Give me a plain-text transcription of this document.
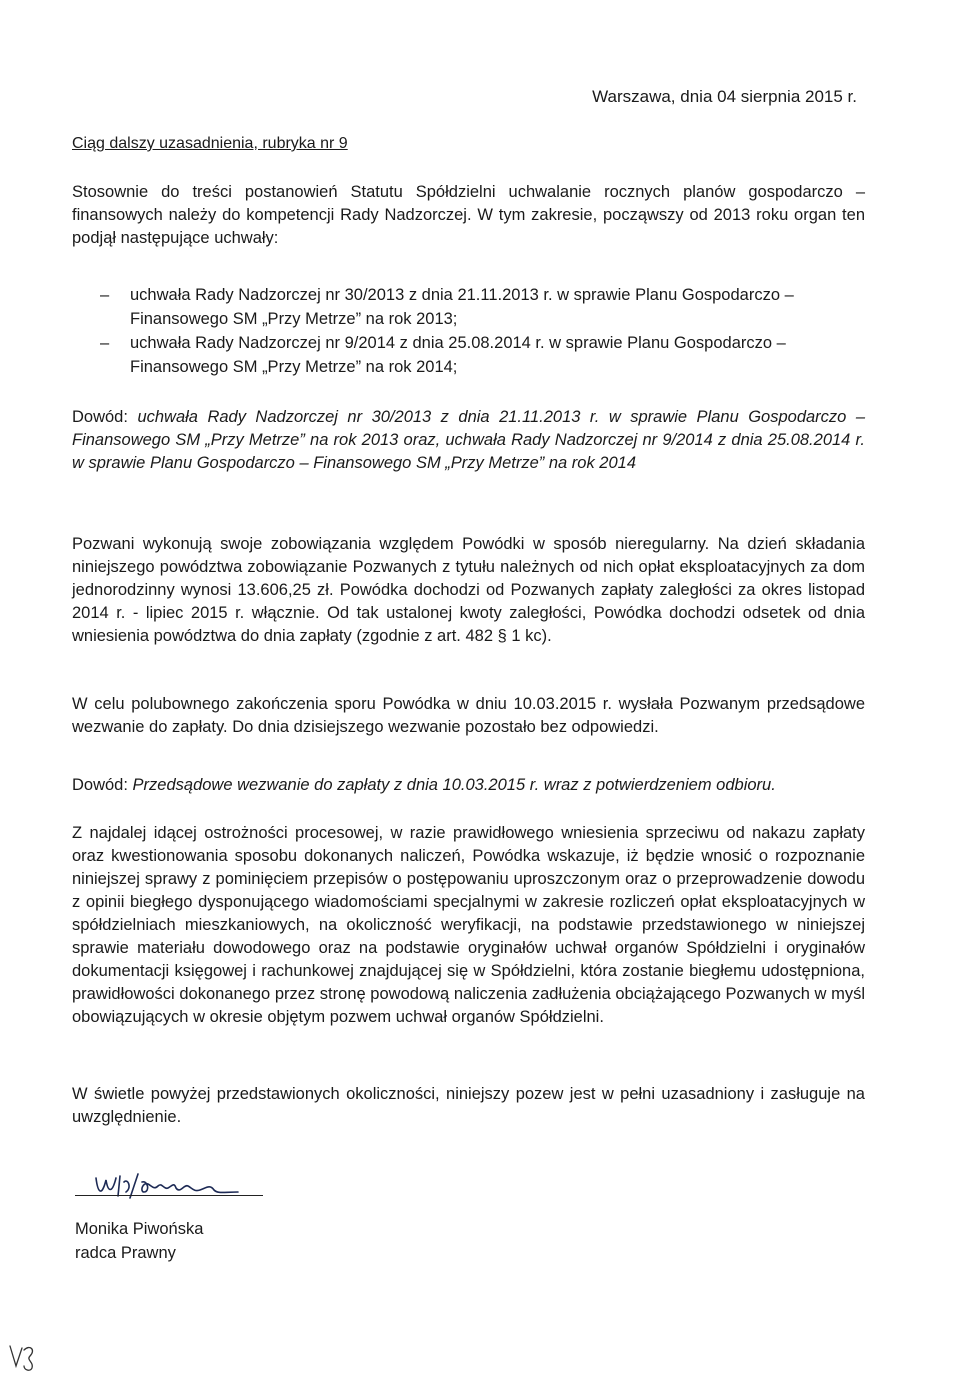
Warszawa, dnia 04 sierpnia 2015 r.
Ciąg dalszy uzasadnienia, rubryka nr 9
Stosownie do treści postanowień Statutu Spółdzielni uchwalanie rocznych planów gospodarczo – finansowych należy do kompetencji Rady Nadzorczej. W tym zakresie, począwszy od 2013 roku organ ten podjął następujące uchwały:
– uchwała Rady Nadzorczej nr 30/2013 z dnia 21.11.2013 r. w sprawie Planu Gospodarczo – Finansowego SM „Przy Metrze” na rok 2013;
– uchwała Rady Nadzorczej nr 9/2014 z dnia 25.08.2014 r. w sprawie Planu Gospodarczo – Finansowego SM „Przy Metrze” na rok 2014;
Dowód: uchwała Rady Nadzorczej nr 30/2013 z dnia 21.11.2013 r. w sprawie Planu Gospodarczo – Finansowego SM „Przy Metrze” na rok 2013 oraz, uchwała Rady Nadzorczej nr 9/2014 z dnia 25.08.2014 r. w sprawie Planu Gospodarczo – Finansowego SM „Przy Metrze” na rok 2014
Pozwani wykonują swoje zobowiązania względem Powódki w sposób nieregularny. Na dzień składania niniejszego powództwa zobowiązanie Pozwanych z tytułu należnych od nich opłat eksploatacyjnych za dom jednorodzinny wynosi 13.606,25 zł. Powódka dochodzi od Pozwanych zapłaty zaległości za okres listopad 2014 r. - lipiec 2015 r. włącznie. Od tak ustalonej kwoty zaległości, Powódka dochodzi odsetek od dnia wniesienia powództwa do dnia zapłaty (zgodnie z art. 482 § 1 kc).
W celu polubownego zakończenia sporu Powódka w dniu 10.03.2015 r. wysłała Pozwanym przedsądowe wezwanie do zapłaty. Do dnia dzisiejszego wezwanie pozostało bez odpowiedzi.
Dowód: Przedsądowe wezwanie do zapłaty z dnia 10.03.2015 r. wraz z potwierdzeniem odbioru.
Z najdalej idącej ostrożności procesowej, w razie prawidłowego wniesienia sprzeciwu od nakazu zapłaty oraz kwestionowania sposobu dokonanych naliczeń, Powódka wskazuje, iż będzie wnosić o rozpoznanie niniejszej sprawy z pominięciem przepisów o postępowaniu uproszczonym oraz o przeprowadzenie dowodu z opinii biegłego dysponującego wiadomościami specjalnymi w zakresie rozliczeń opłat eksploatacyjnych w spółdzielniach mieszkaniowych, na okoliczność weryfikacji, na podstawie przedstawionego w niniejszej sprawie materiału dowodowego oraz na podstawie oryginałów uchwał organów Spółdzielni i oryginałów dokumentacji księgowej i rachunkowej znajdującej się w Spółdzielni, która zostanie biegłemu udostępniona, prawidłowości dokonanego przez stronę powodową naliczenia zadłużenia obciążającego Pozwanych w myśl obowiązujących w okresie objętym pozwem uchwał organów Spółdzielni.
W świetle powyżej przedstawionych okoliczności, niniejszy pozew jest w pełni uzasadniony i zasługuje na uwzględnienie.
Monika Piwońska
radca Prawny
